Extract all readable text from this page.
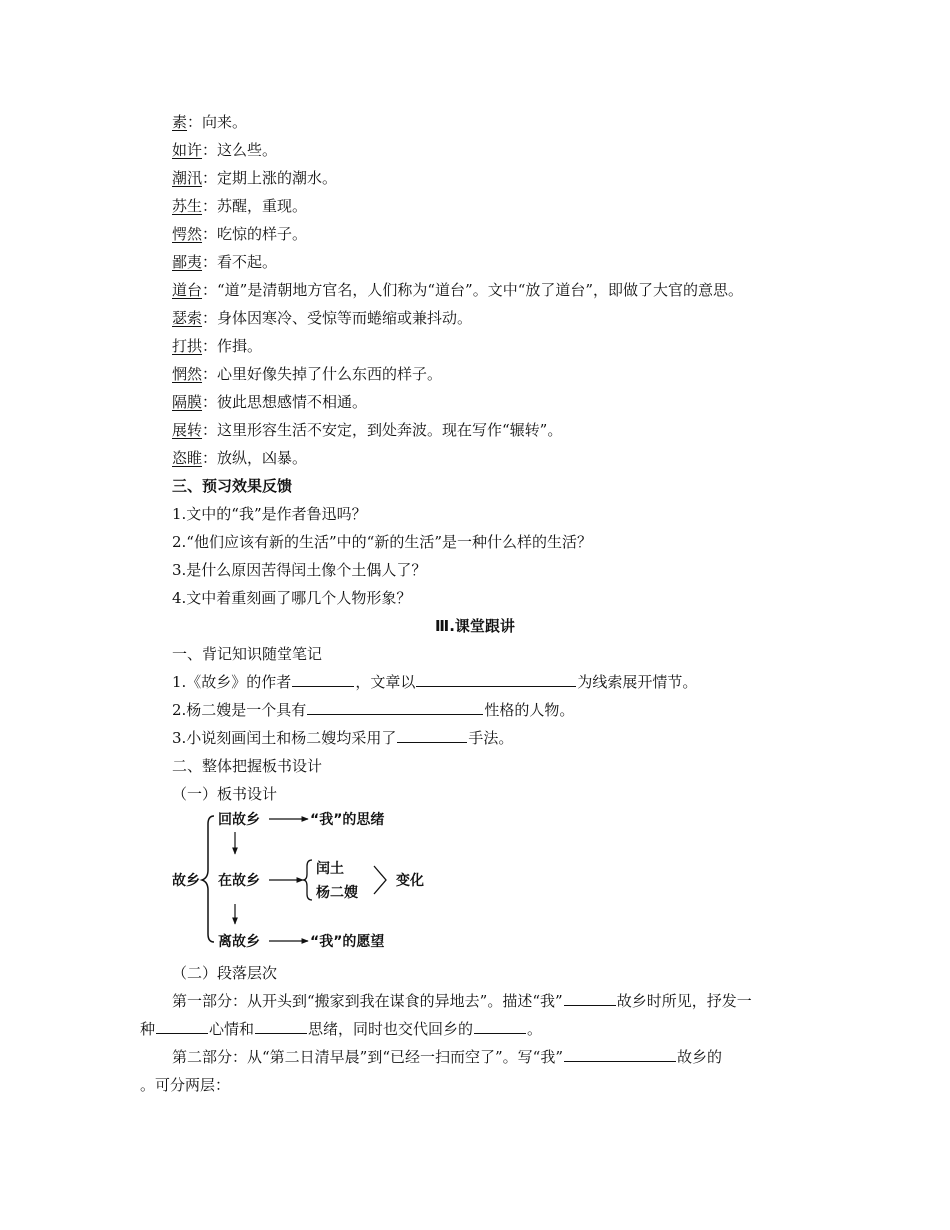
素：向来。
如许：这么些。
潮汛：定期上涨的潮水。
苏生：苏醒，重现。
愕然：吃惊的样子。
鄙夷：看不起。
道台：“道”是清朝地方官名，人们称为“道台”。文中“放了道台”，即做了大官的意思。
瑟索：身体因寒冷、受惊等而蜷缩或兼抖动。
打拱：作揖。
惘然：心里好像失掉了什么东西的样子。
隔膜：彼此思想感情不相通。
展转：这里形容生活不安定，到处奔波。现在写作“辗转”。
恣睢：放纵，凶暴。
三、预习效果反馈
1.文中的“我”是作者鲁迅吗？
2.“他们应该有新的生活”中的“新的生活”是一种什么样的生活？
3.是什么原因苦得闰土像个土偶人了？
4.文中着重刻画了哪几个人物形象？
Ⅲ.课堂跟讲
一、背记知识随堂笔记
1.《故乡》的作者	，文章以	为线索展开情节。
2.杨二嫂是一个具有	性格的人物。
3.小说刻画闰土和杨二嫂均采用了	手法。
二、整体把握板书设计
（一）板书设计
故乡
回故乡	“我”的思绪
在故乡
闰土
杨二嫂
变化
离故乡	“我”的愿望
（二）段落层次
第一部分：从开头到“搬家到我在谋食的异地去”。描述“我”	故乡时所见，抒发一
种	心情和	思绪，同时也交代回乡的	。
第二部分：从“第二日清早晨”到“已经一扫而空了”。写“我”	故乡的
。可分两层：
